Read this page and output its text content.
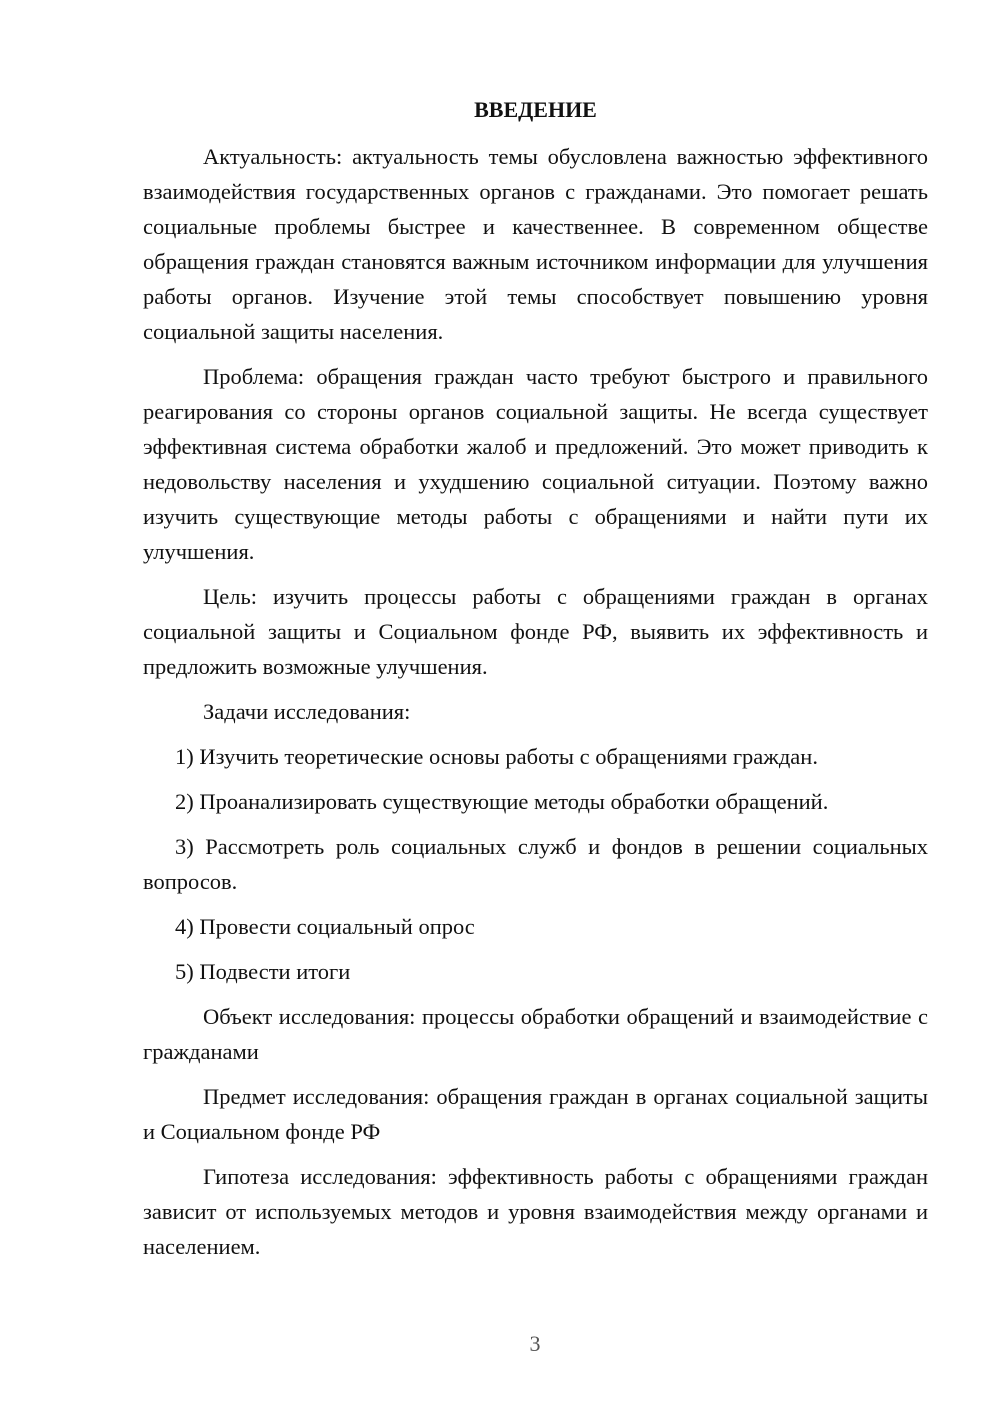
ВВЕДЕНИЕ

Актуальность: актуальность темы обусловлена важностью эффективного взаимодействия государственных органов с гражданами. Это помогает решать социальные проблемы быстрее и качественнее. В современном обществе обращения граждан становятся важным источником информации для улучшения работы органов. Изучение этой темы способствует повышению уровня социальной защиты населения.

Проблема: обращения граждан часто требуют быстрого и правильного реагирования со стороны органов социальной защиты. Не всегда существует эффективная система обработки жалоб и предложений. Это может приводить к недовольству населения и ухудшению социальной ситуации. Поэтому важно изучить существующие методы работы с обращениями и найти пути их улучшения.

Цель: изучить процессы работы с обращениями граждан в органах социальной защиты и Социальном фонде РФ, выявить их эффективность и предложить возможные улучшения.

Задачи исследования:

1) Изучить теоретические основы работы с обращениями граждан.

2) Проанализировать существующие методы обработки обращений.

3) Рассмотреть роль социальных служб и фондов в решении социальных вопросов.

4) Провести социальный опрос

5) Подвести итоги

Объект исследования: процессы обработки обращений и взаимодействие с гражданами

Предмет исследования: обращения граждан в органах социальной защиты и Социальном фонде РФ

Гипотеза исследования: эффективность работы с обращениями граждан зависит от используемых методов и уровня взаимодействия между органами и населением.

3
